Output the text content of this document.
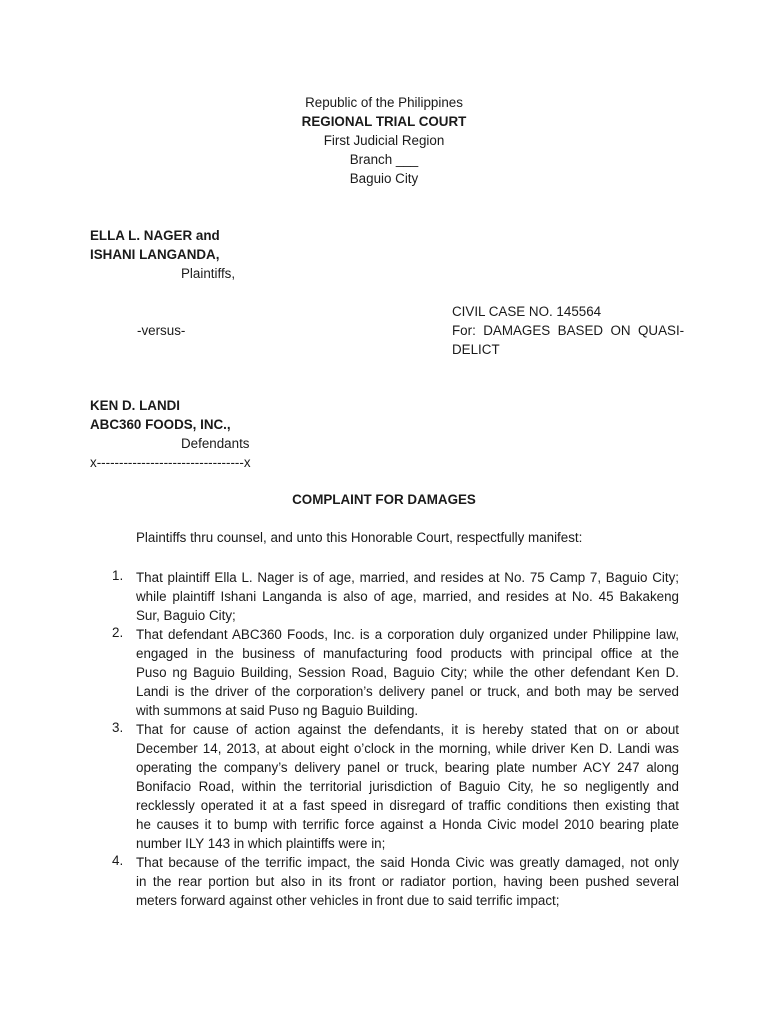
Republic of the Philippines
REGIONAL TRIAL COURT
First Judicial Region
Branch ___
Baguio City
ELLA L. NAGER and
ISHANI LANGANDA,
Plaintiffs,
CIVIL CASE NO. 145564
-versus-	For:  DAMAGES  BASED  ON  QUASI-
DELICT
KEN D. LANDI
ABC360 FOODS, INC.,
Defendants
x---------------------------------x
COMPLAINT FOR DAMAGES
Plaintiffs thru counsel, and unto this Honorable Court, respectfully manifest:
1. That plaintiff Ella L. Nager is of age, married, and resides at No. 75 Camp 7, Baguio City;
while plaintiff Ishani Langanda is also of age, married, and resides at No. 45 Bakakeng
Sur, Baguio City;
2. That defendant ABC360 Foods, Inc. is a corporation duly organized under Philippine law,
engaged in the business of manufacturing food products with principal office at the
Puso ng Baguio Building, Session Road, Baguio City; while the other defendant Ken D.
Landi is the driver of the corporation’s delivery panel or truck, and both may be served
with summons at said Puso ng Baguio Building.
3. That for cause of action against the defendants, it is hereby stated that on or about
December 14, 2013, at about eight o’clock in the morning, while driver Ken D. Landi was
operating the company’s delivery panel or truck, bearing plate number ACY 247 along
Bonifacio Road, within the territorial jurisdiction of Baguio City, he so negligently and
recklessly operated it at a fast speed in disregard of traffic conditions then existing that
he causes it to bump with terrific force against a Honda Civic model 2010 bearing plate
number ILY 143 in which plaintiffs were in;
4. That because of the terrific impact, the said Honda Civic was greatly damaged, not only
in the rear portion but also in its front or radiator portion, having been pushed several
meters forward against other vehicles in front due to said terrific impact;
